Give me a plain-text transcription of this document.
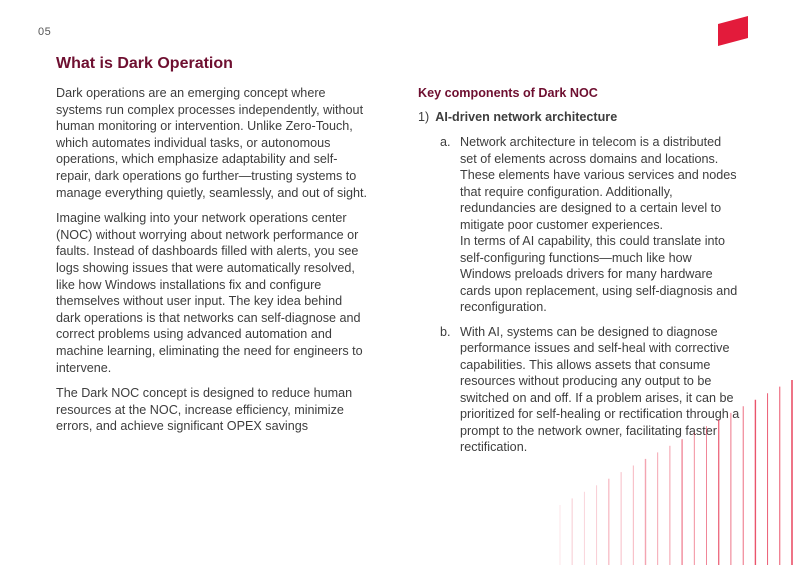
05
What is Dark Operation

Dark operations are an emerging concept where systems run complex processes independently, without human monitoring or intervention. Unlike Zero-Touch, which automates individual tasks, or autonomous operations, which emphasize adaptability and self-repair, dark operations go further—trusting systems to manage everything quietly, seamlessly, and out of sight.

Imagine walking into your network operations center (NOC) without worrying about network performance or faults. Instead of dashboards filled with alerts, you see logs showing issues that were automatically resolved, like how Windows installations fix and configure themselves without user input. The key idea behind dark operations is that networks can self-diagnose and correct problems using advanced automation and machine learning, eliminating the need for engineers to intervene.

The Dark NOC concept is designed to reduce human resources at the NOC, increase efficiency, minimize errors, and achieve significant OPEX savings

Key components of Dark NOC
1) AI-driven network architecture
a. Network architecture in telecom is a distributed set of elements across domains and locations. These elements have various services and nodes that require configuration. Additionally, redundancies are designed to a certain level to mitigate poor customer experiences.

In terms of AI capability, this could translate into self-configuring functions—much like how Windows preloads drivers for many hardware cards upon replacement, using self-diagnosis and reconfiguration.

b. With AI, systems can be designed to diagnose performance issues and self-heal with corrective capabilities. This allows assets that consume resources without producing any output to be switched on and off. If a problem arises, it can be prioritized for self-healing or rectification through a prompt to the network owner, facilitating faster rectification.
